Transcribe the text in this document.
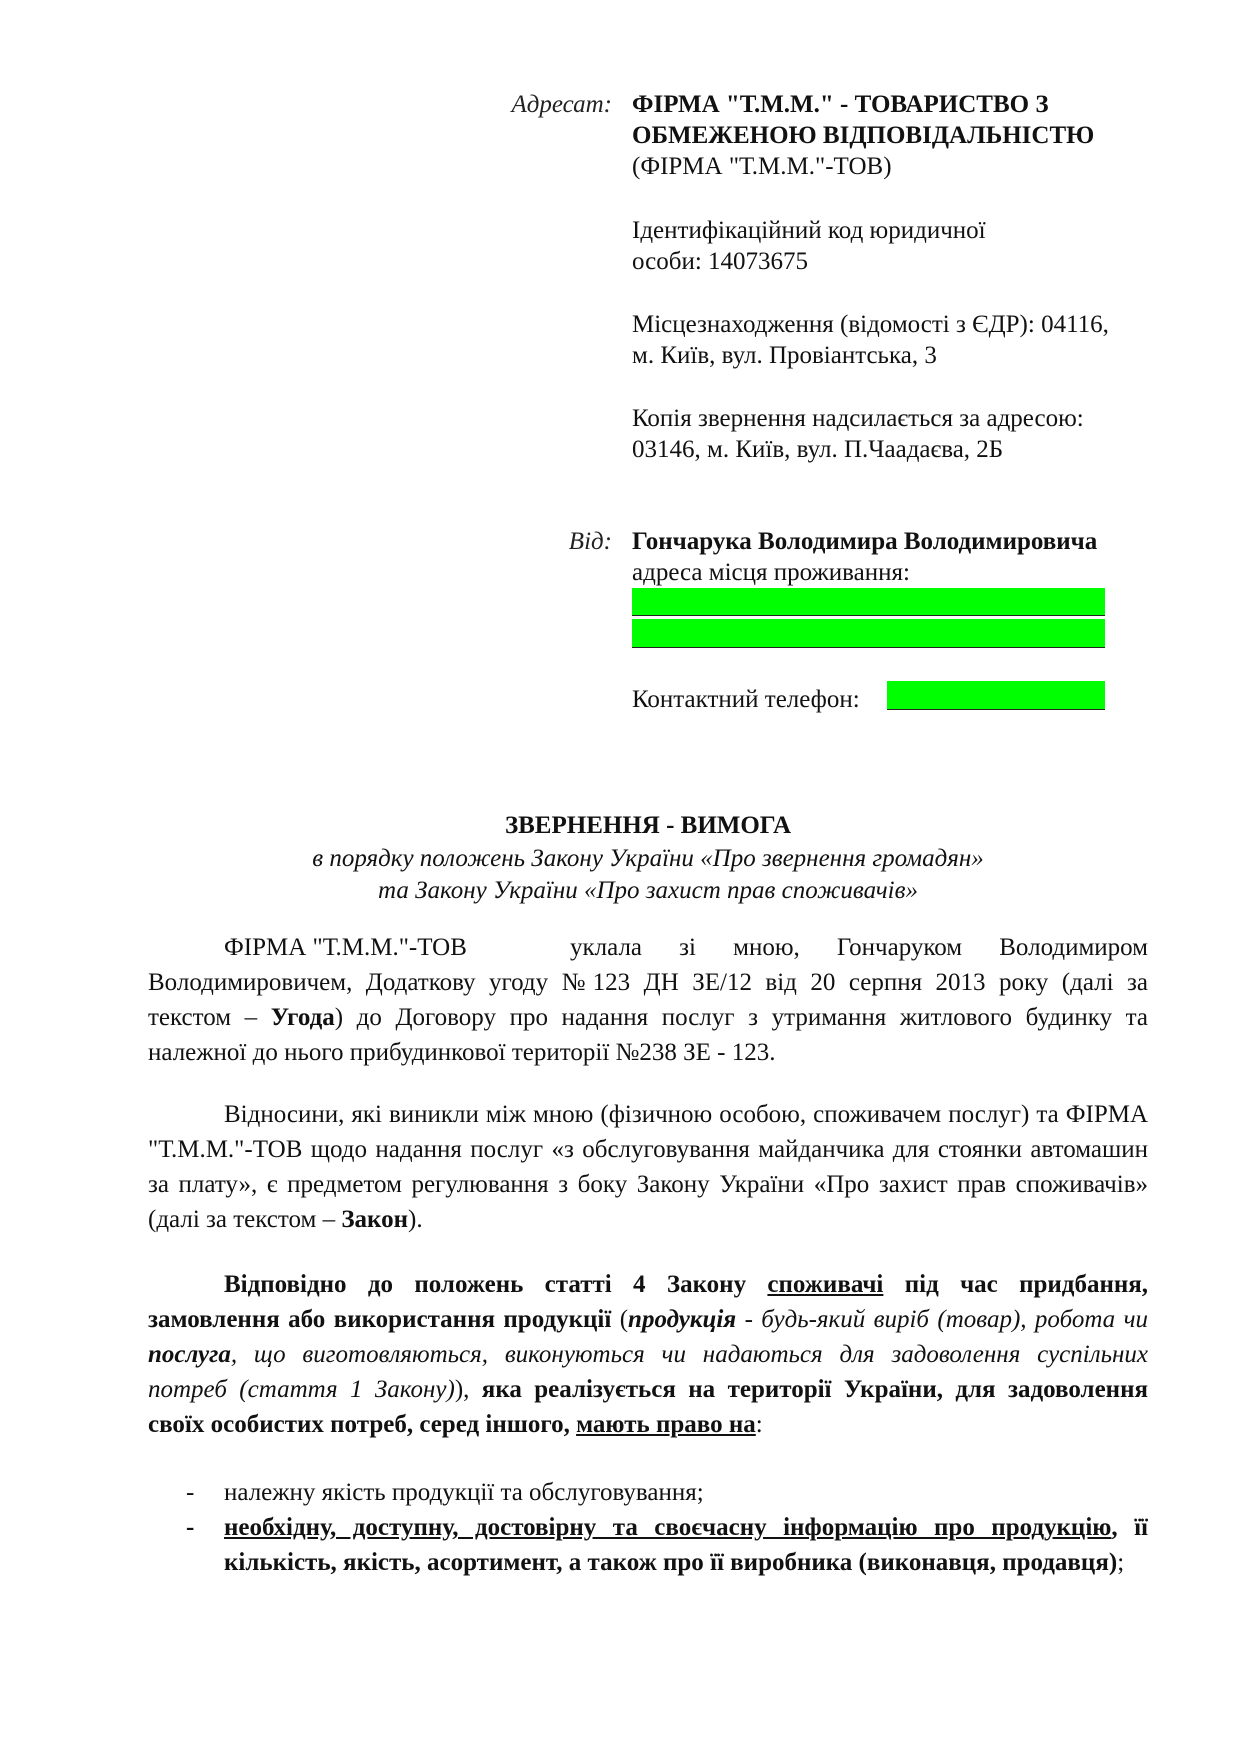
Адресат: ФІРМА "Т.М.М." - ТОВАРИСТВО З
ОБМЕЖЕНОЮ ВІДПОВІДАЛЬНІСТЮ
(ФІРМА "Т.М.М."-ТОВ)
Ідентифікаційний код юридичної
особи: 14073675
Місцезнаходження (відомості з ЄДР): 04116,
м. Київ, вул. Провіантська, 3
Копія звернення надсилається за адресою:
03146, м. Київ, вул. П.Чаадаєва, 2Б
Від: Гончарука Володимира Володимировича
адреса місця проживання:
Контактний телефон:
ЗВЕРНЕННЯ - ВИМОГА
в порядку положень Закону України «Про звернення громадян»
та Закону України «Про захист прав споживачів»
ФІРМА "Т.М.М."-ТОВ	уклала зі мною, Гончаруком Володимиром
Володимировичем, Додаткову угоду №123 ДН ЗЕ/12 від 20 серпня 2013 року (далі за
текстом – Угода) до Договору про надання послуг з утримання житлового будинку та
належної до нього прибудинкової території №238 ЗЕ - 123.
Відносини, які виникли між мною (фізичною особою, споживачем послуг) та ФІРМА "Т.М.М."-ТОВ щодо надання послуг «з обслуговування майданчика для стоянки автомашин за плату», є предметом регулювання з боку Закону України «Про захист прав споживачів» (далі за текстом – Закон).
Відповідно до положень статті 4 Закону споживачі під час придбання, замовлення або використання продукції (продукція - будь-який виріб (товар), робота чи послуга, що виготовляються, виконуються чи надаються для задоволення суспільних потреб (стаття 1 Закону)), яка реалізується на території України, для задоволення своїх особистих потреб, серед іншого, мають право на:
- належну якість продукції та обслуговування;
- необхідну, доступну, достовірну та своєчасну інформацію про продукцію, її кількість, якість, асортимент, а також про її виробника (виконавця, продавця);
